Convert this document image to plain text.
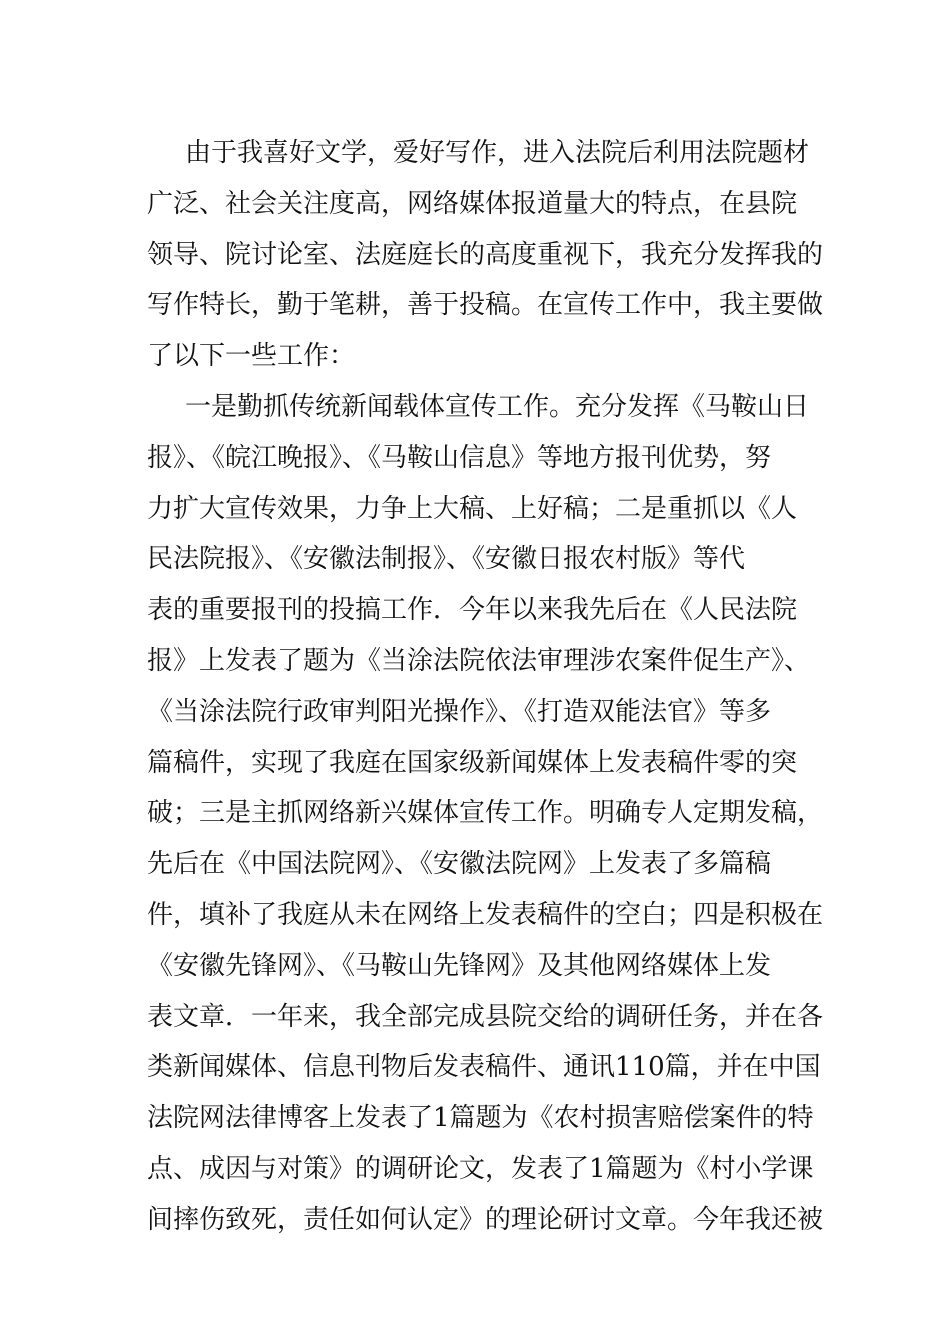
由于我喜好文学，爱好写作，进入法院后利用法院题材
广泛、社会关注度高，网络媒体报道量大的特点，在县院
领导、院讨论室、法庭庭长的高度重视下，我充分发挥我的
写作特长，勤于笔耕，善于投稿。在宣传工作中，我主要做
了以下一些工作：
一是勤抓传统新闻载体宣传工作。充分发挥《马鞍山日
报》、《皖江晚报》、《马鞍山信息》等地方报刊优势，努
力扩大宣传效果，力争上大稿、上好稿；二是重抓以《人
民法院报》、《安徽法制报》、《安徽日报农村版》等代
表的重要报刊的投搞工作．今年以来我先后在《人民法院
报》上发表了题为《当涂法院依法审理涉农案件促生产》、
《当涂法院行政审判阳光操作》、《打造双能法官》等多
篇稿件，实现了我庭在国家级新闻媒体上发表稿件零的突
破；三是主抓网络新兴媒体宣传工作。明确专人定期发稿，
先后在《中国法院网》、《安徽法院网》上发表了多篇稿
件，填补了我庭从未在网络上发表稿件的空白；四是积极在
《安徽先锋网》、《马鞍山先锋网》及其他网络媒体上发
表文章．一年来，我全部完成县院交给的调研任务，并在各
类新闻媒体、信息刊物后发表稿件、通讯110篇，并在中国
法院网法律博客上发表了1篇题为《农村损害赔偿案件的特
点、成因与对策》的调研论文，发表了1篇题为《村小学课
间摔伤致死，责任如何认定》的理论研讨文章。今年我还被
